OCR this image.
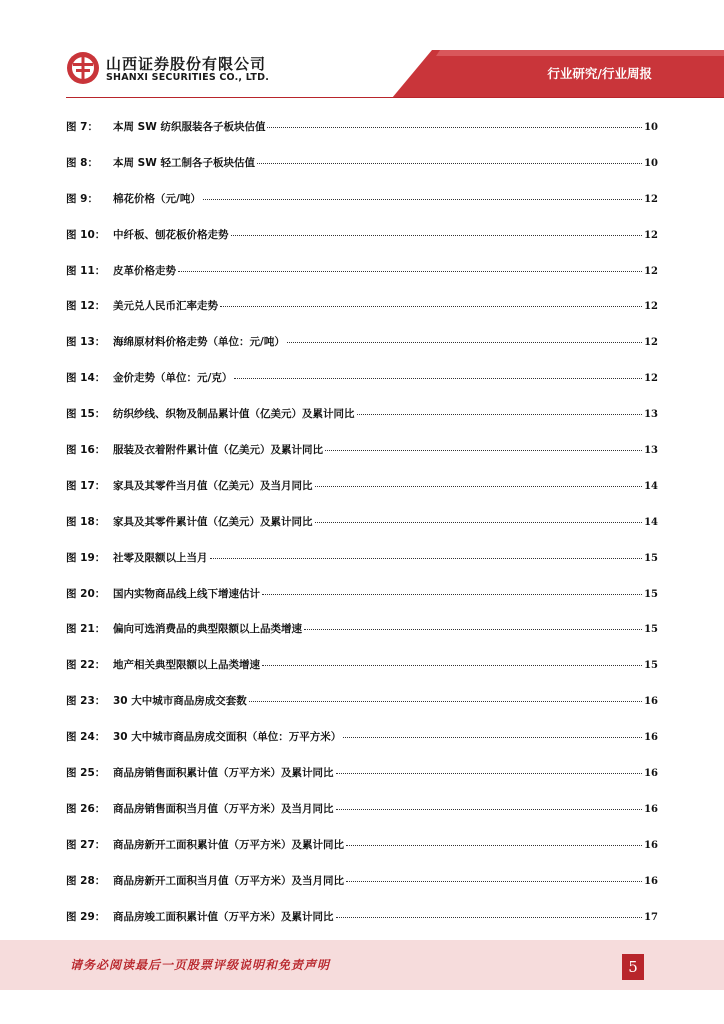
山西证券股份有限公司
SHANXI SECURITIES CO., LTD.	行业研究/行业周报
图 7：	本周 SW 纺织服装各子板块估值	10
图 8：	本周 SW 轻工制各子板块估值	10
图 9：	棉花价格（元/吨）	12
图 10： 中纤板、刨花板价格走势	12
图 11： 皮革价格走势	12
图 12： 美元兑人民币汇率走势	12
图 13： 海绵原材料价格走势（单位：元/吨）	12
图 14： 金价走势（单位：元/克）	12
图 15： 纺织纱线、织物及制品累计值（亿美元）及累计同比	13
图 16： 服装及衣着附件累计值（亿美元）及累计同比	13
图 17： 家具及其零件当月值（亿美元）及当月同比	14
图 18： 家具及其零件累计值（亿美元）及累计同比	14
图 19： 社零及限额以上当月	15
图 20： 国内实物商品线上线下增速估计	15
图 21： 偏向可选消费品的典型限额以上品类增速	15
图 22： 地产相关典型限额以上品类增速	15
图 23： 30 大中城市商品房成交套数	16
图 24： 30 大中城市商品房成交面积（单位：万平方米）	16
图 25： 商品房销售面积累计值（万平方米）及累计同比	16
图 26： 商品房销售面积当月值（万平方米）及当月同比	16
图 27： 商品房新开工面积累计值（万平方米）及累计同比	16
图 28： 商品房新开工面积当月值（万平方米）及当月同比	16
图 29： 商品房竣工面积累计值（万平方米）及累计同比	17
请务必阅读最后一页股票评级说明和免责声明	5
